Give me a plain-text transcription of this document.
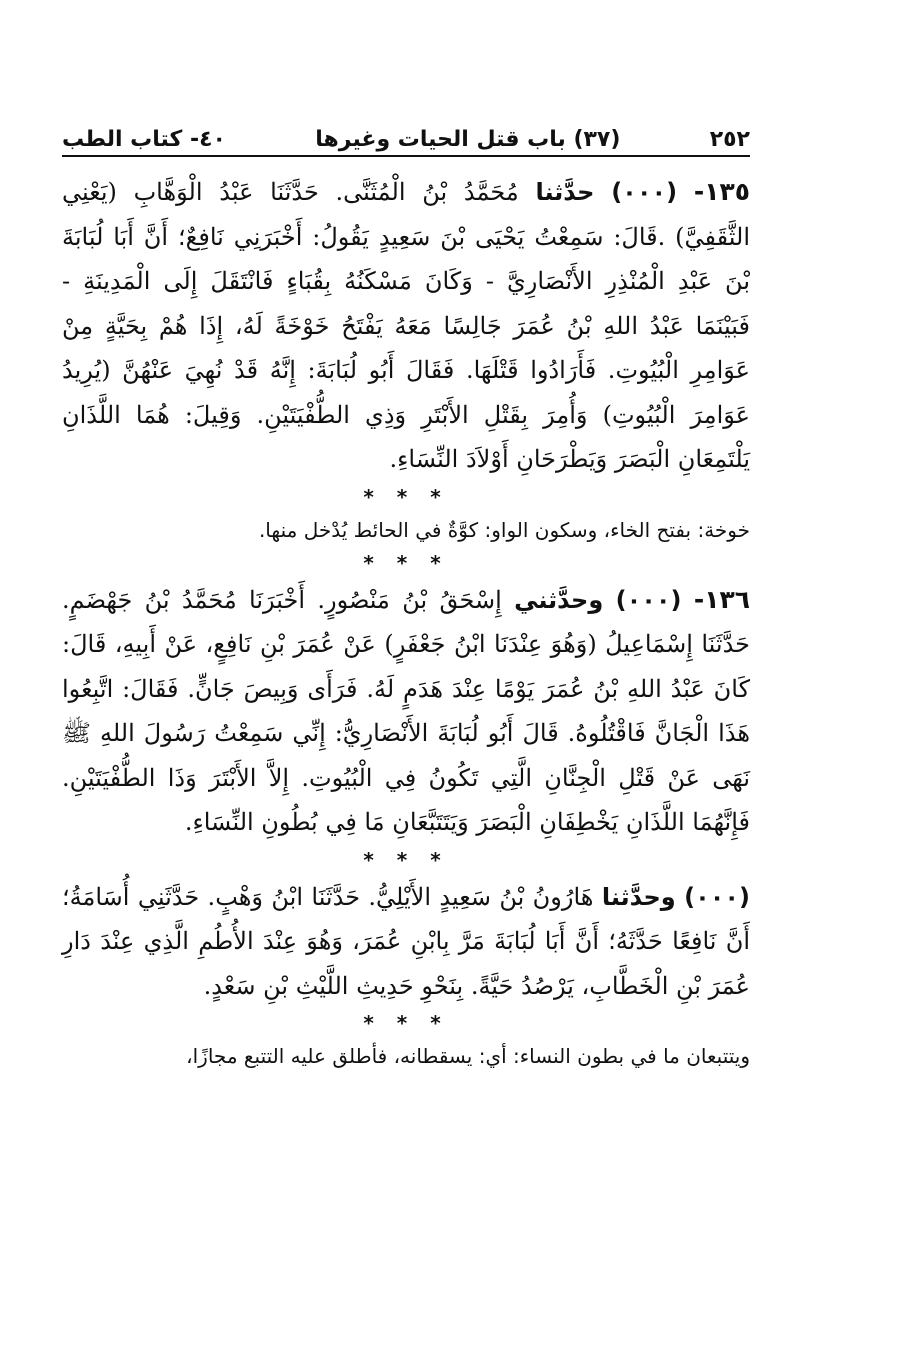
٢٥٢
(٣٧) باب قتل الحيات وغيرها
٤٠- كتاب الطب

١٣٥- (٠٠٠) حدَّثنا مُحَمَّدُ بْنُ الْمُثَنَّى. حَدَّثَنَا عَبْدُ الْوَهَّابِ (يَعْنِي الثَّقَفِيَّ) .قَالَ: سَمِعْتُ يَحْيَى بْنَ سَعِيدٍ يَقُولُ: أَخْبَرَنِي نَافِعٌ؛ أَنَّ أَبَا لُبَابَةَ بْنَ عَبْدِ الْمُنْذِرِ الأَنْصَارِيَّ - وَكَانَ مَسْكَنُهُ بِقُبَاءٍ فَانْتَقَلَ إِلَى الْمَدِينَةِ - فَبَيْنَمَا عَبْدُ اللهِ بْنُ عُمَرَ جَالِسًا مَعَهُ يَفْتَحُ خَوْخَةً لَهُ، إِذَا هُمْ بِحَيَّةٍ مِنْ عَوَامِرِ الْبُيُوتِ. فَأَرَادُوا قَتْلَهَا. فَقَالَ أَبُو لُبَابَةَ: إِنَّهُ قَدْ نُهِيَ عَنْهُنَّ (يُرِيدُ عَوَامِرَ الْبُيُوتِ) وَأُمِرَ بِقَتْلِ الأَبْتَرِ وَذِي الطُّفْيَتَيْنِ. وَقِيلَ: هُمَا اللَّذَانِ يَلْتَمِعَانِ الْبَصَرَ وَيَطْرَحَانِ أَوْلاَدَ النِّسَاءِ.

* * *

خوخة: بفتح الخاء، وسكون الواو: كوَّةٌ في الحائط يُدْخل منها.

* * *

١٣٦- (٠٠٠) وحدَّثني إِسْحَقُ بْنُ مَنْصُورٍ. أَخْبَرَنَا مُحَمَّدُ بْنُ جَهْضَمٍ. حَدَّثَنَا إِسْمَاعِيلُ (وَهُوَ عِنْدَنَا ابْنُ جَعْفَرٍ) عَنْ عُمَرَ بْنِ نَافِعٍ، عَنْ أَبِيهِ، قَالَ: كَانَ عَبْدُ اللهِ بْنُ عُمَرَ يَوْمًا عِنْدَ هَدَمٍ لَهُ. فَرَأَى وَبِيصَ جَانٍّ. فَقَالَ: اتَّبِعُوا هَذَا الْجَانَّ فَاقْتُلُوهُ. قَالَ أَبُو لُبَابَةَ الأَنْصَارِيُّ: إِنِّي سَمِعْتُ رَسُولَ اللهِ ﷺ نَهَى عَنْ قَتْلِ الْجِنَّانِ الَّتِي تَكُونُ فِي الْبُيُوتِ. إِلاَّ الأَبْتَرَ وَذَا الطُّفْيَتَيْنِ. فَإِنَّهُمَا اللَّذَانِ يَخْطِفَانِ الْبَصَرَ وَيَتَتَبَّعَانِ مَا فِي بُطُونِ النِّسَاءِ.

* * *

(٠٠٠) وحدَّثنا هَارُونُ بْنُ سَعِيدٍ الأَيْلِيُّ. حَدَّثَنَا ابْنُ وَهْبٍ. حَدَّثَنِي أُسَامَةُ؛ أَنَّ نَافِعًا حَدَّثَهُ؛ أَنَّ أَبَا لُبَابَةَ مَرَّ بِابْنِ عُمَرَ، وَهُوَ عِنْدَ الأُطُمِ الَّذِي عِنْدَ دَارِ عُمَرَ بْنِ الْخَطَّابِ، يَرْصُدُ حَيَّةً. بِنَحْوِ حَدِيثِ اللَّيْثِ بْنِ سَعْدٍ.

* * *

ويتتبعان ما في بطون النساء: أي: يسقطانه، فأطلق عليه التتبع مجازًا،
